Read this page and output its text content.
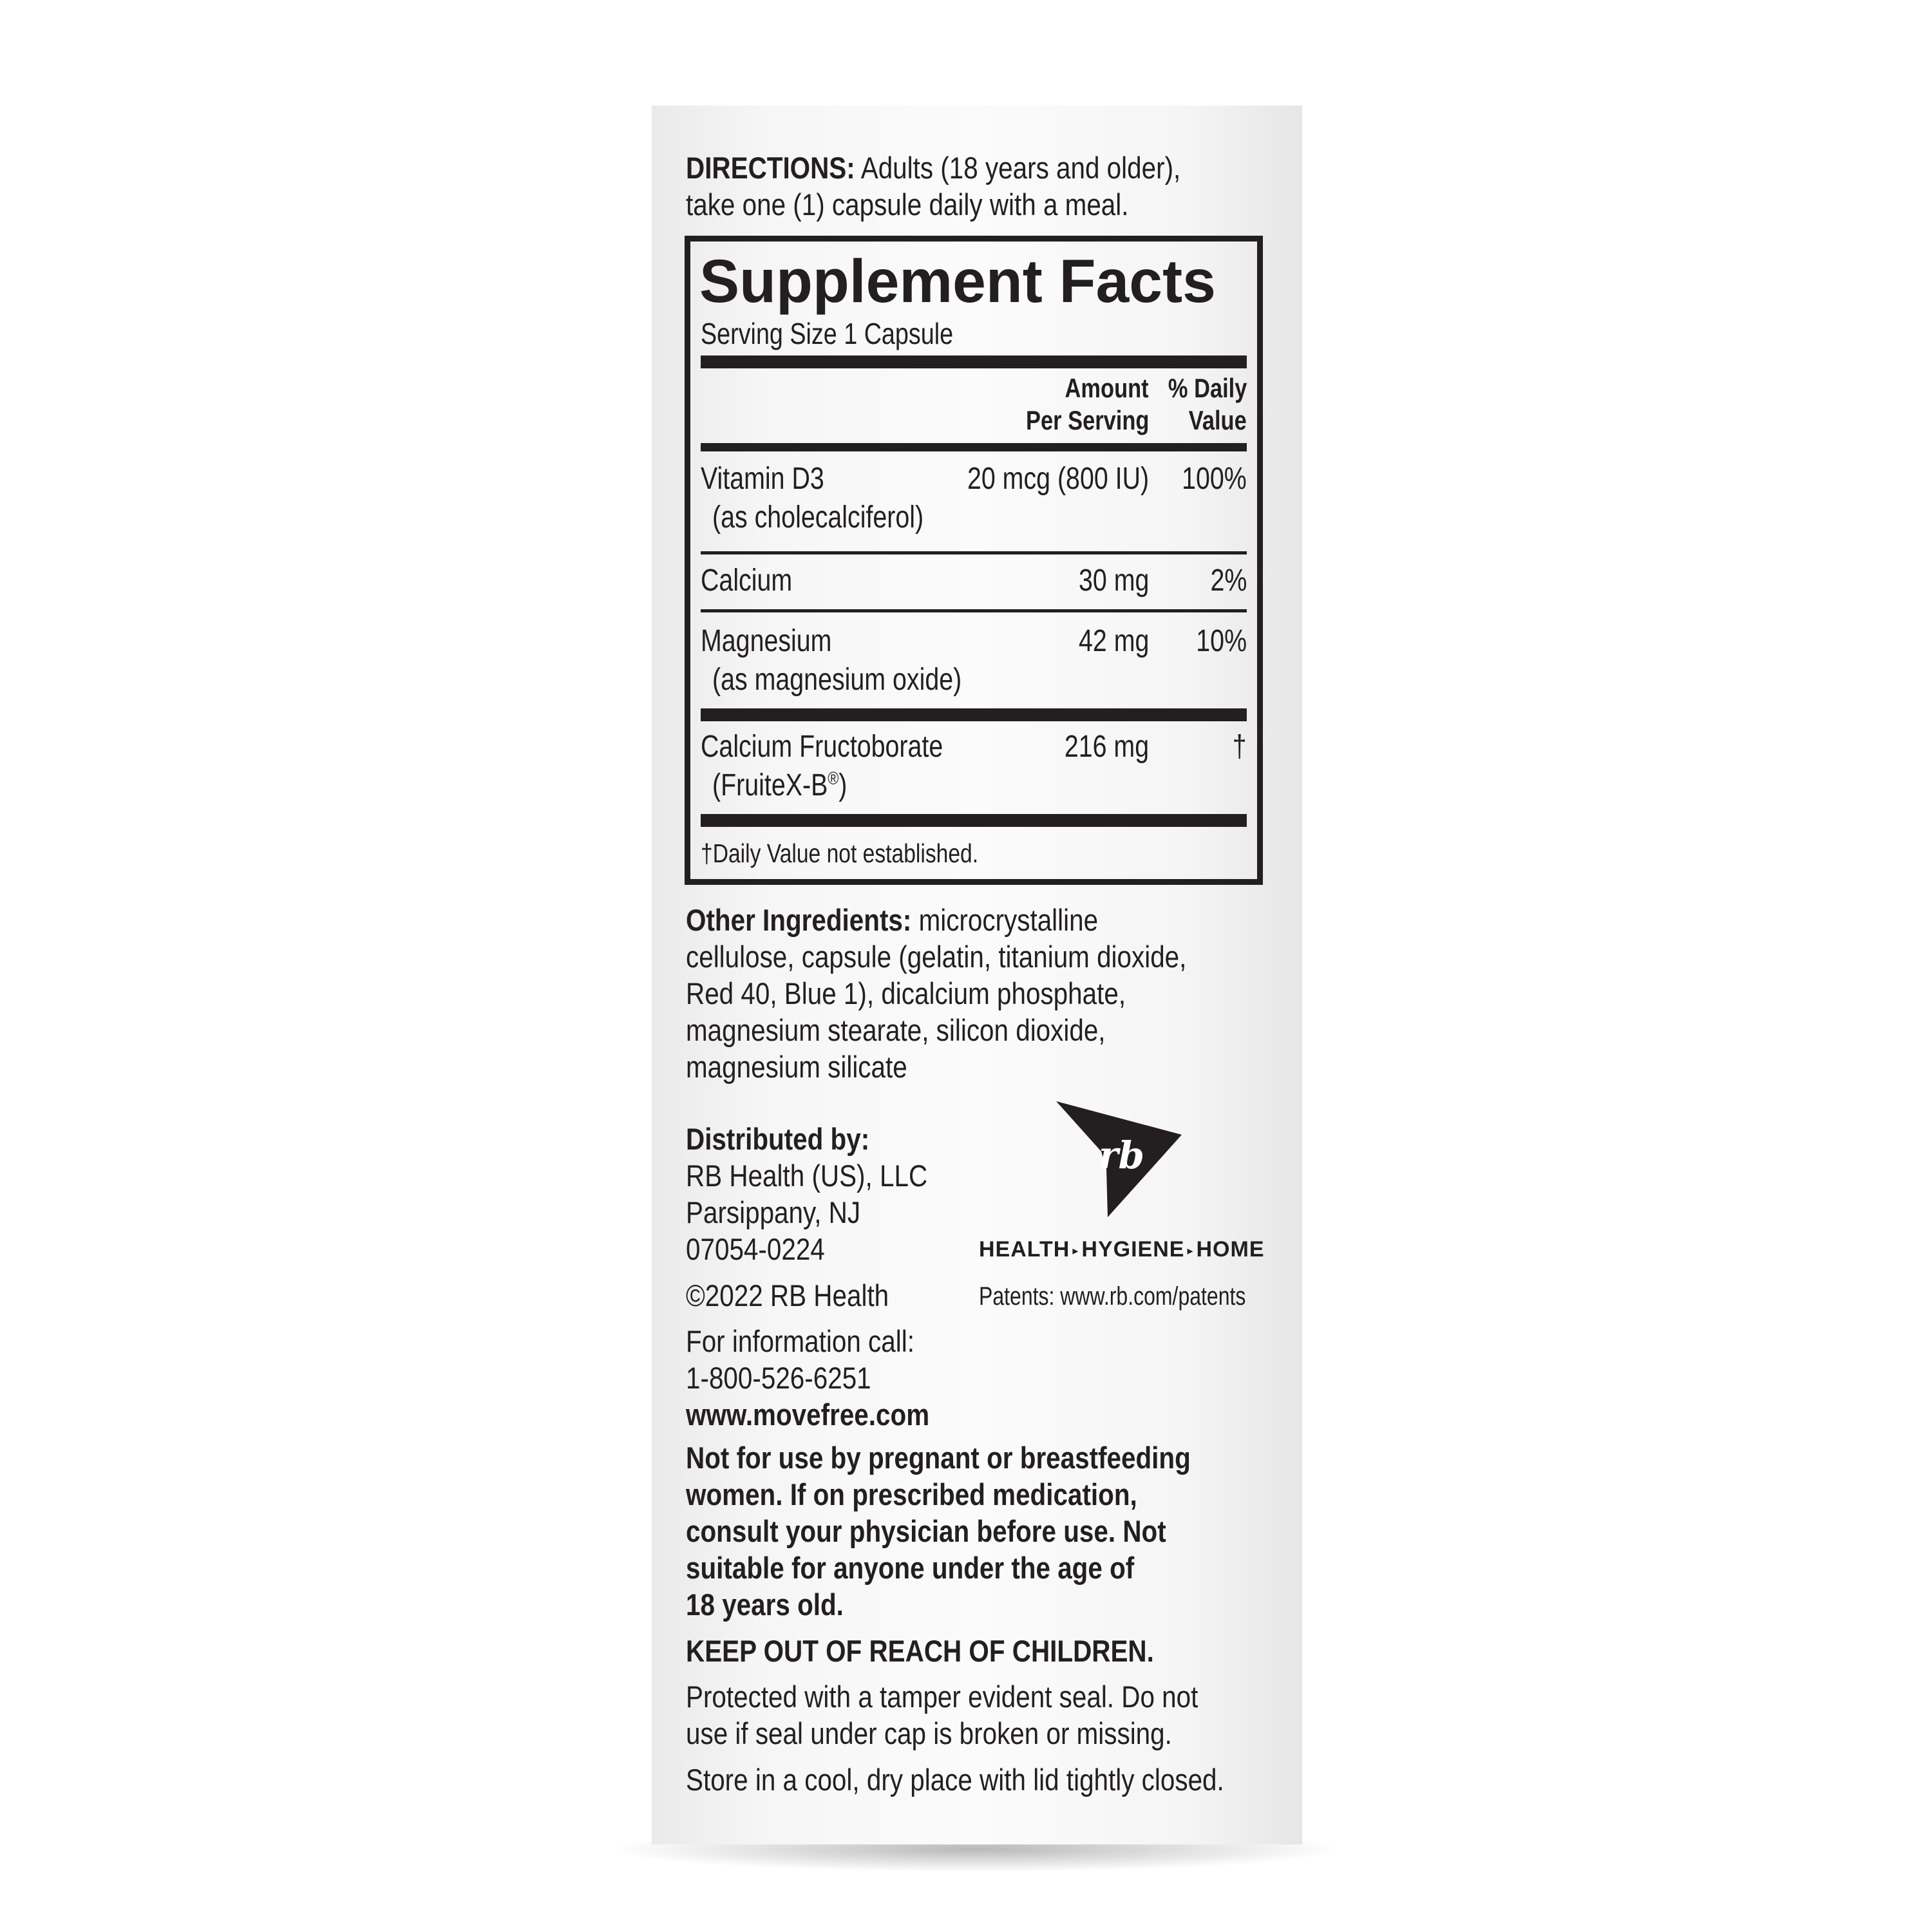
DIRECTIONS: Adults (18 years and older),

take one (1) capsule daily with a meal.

Supplement Facts
Serving Size 1 Capsule
Amount
Per Serving
% Daily
Value
Vitamin D3
(as cholecalciferol)
20 mcg (800 IU)	100%
Calcium	30 mg 2%
Magnesium
(as magnesium oxide)
42 mg	10%
Calcium Fructoborate
(FruiteX-B®)
216 mg	†
†Daily Value not established.

Other Ingredients: microcrystalline

cellulose, capsule (gelatin, titanium dioxide,

Red 40, Blue 1), dicalcium phosphate,

magnesium stearate, silicon dioxide,

magnesium silicate

Distributed by:

RB Health (US), LLC

Parsippany, NJ

07054-0224

©2022 RB Health

For information call:

1-800-526-6251

www.movefree.com

rb
HEALTH ▸ HYGIENE ▸ HOME
Patents: www.rb.com/patents

Not for use by pregnant or breastfeeding

women. If on prescribed medication,

consult your physician before use. Not

suitable for anyone under the age of

18 years old.

KEEP OUT OF REACH OF CHILDREN.

Protected with a tamper evident seal. Do not

use if seal under cap is broken or missing.

Store in a cool, dry place with lid tightly closed.
